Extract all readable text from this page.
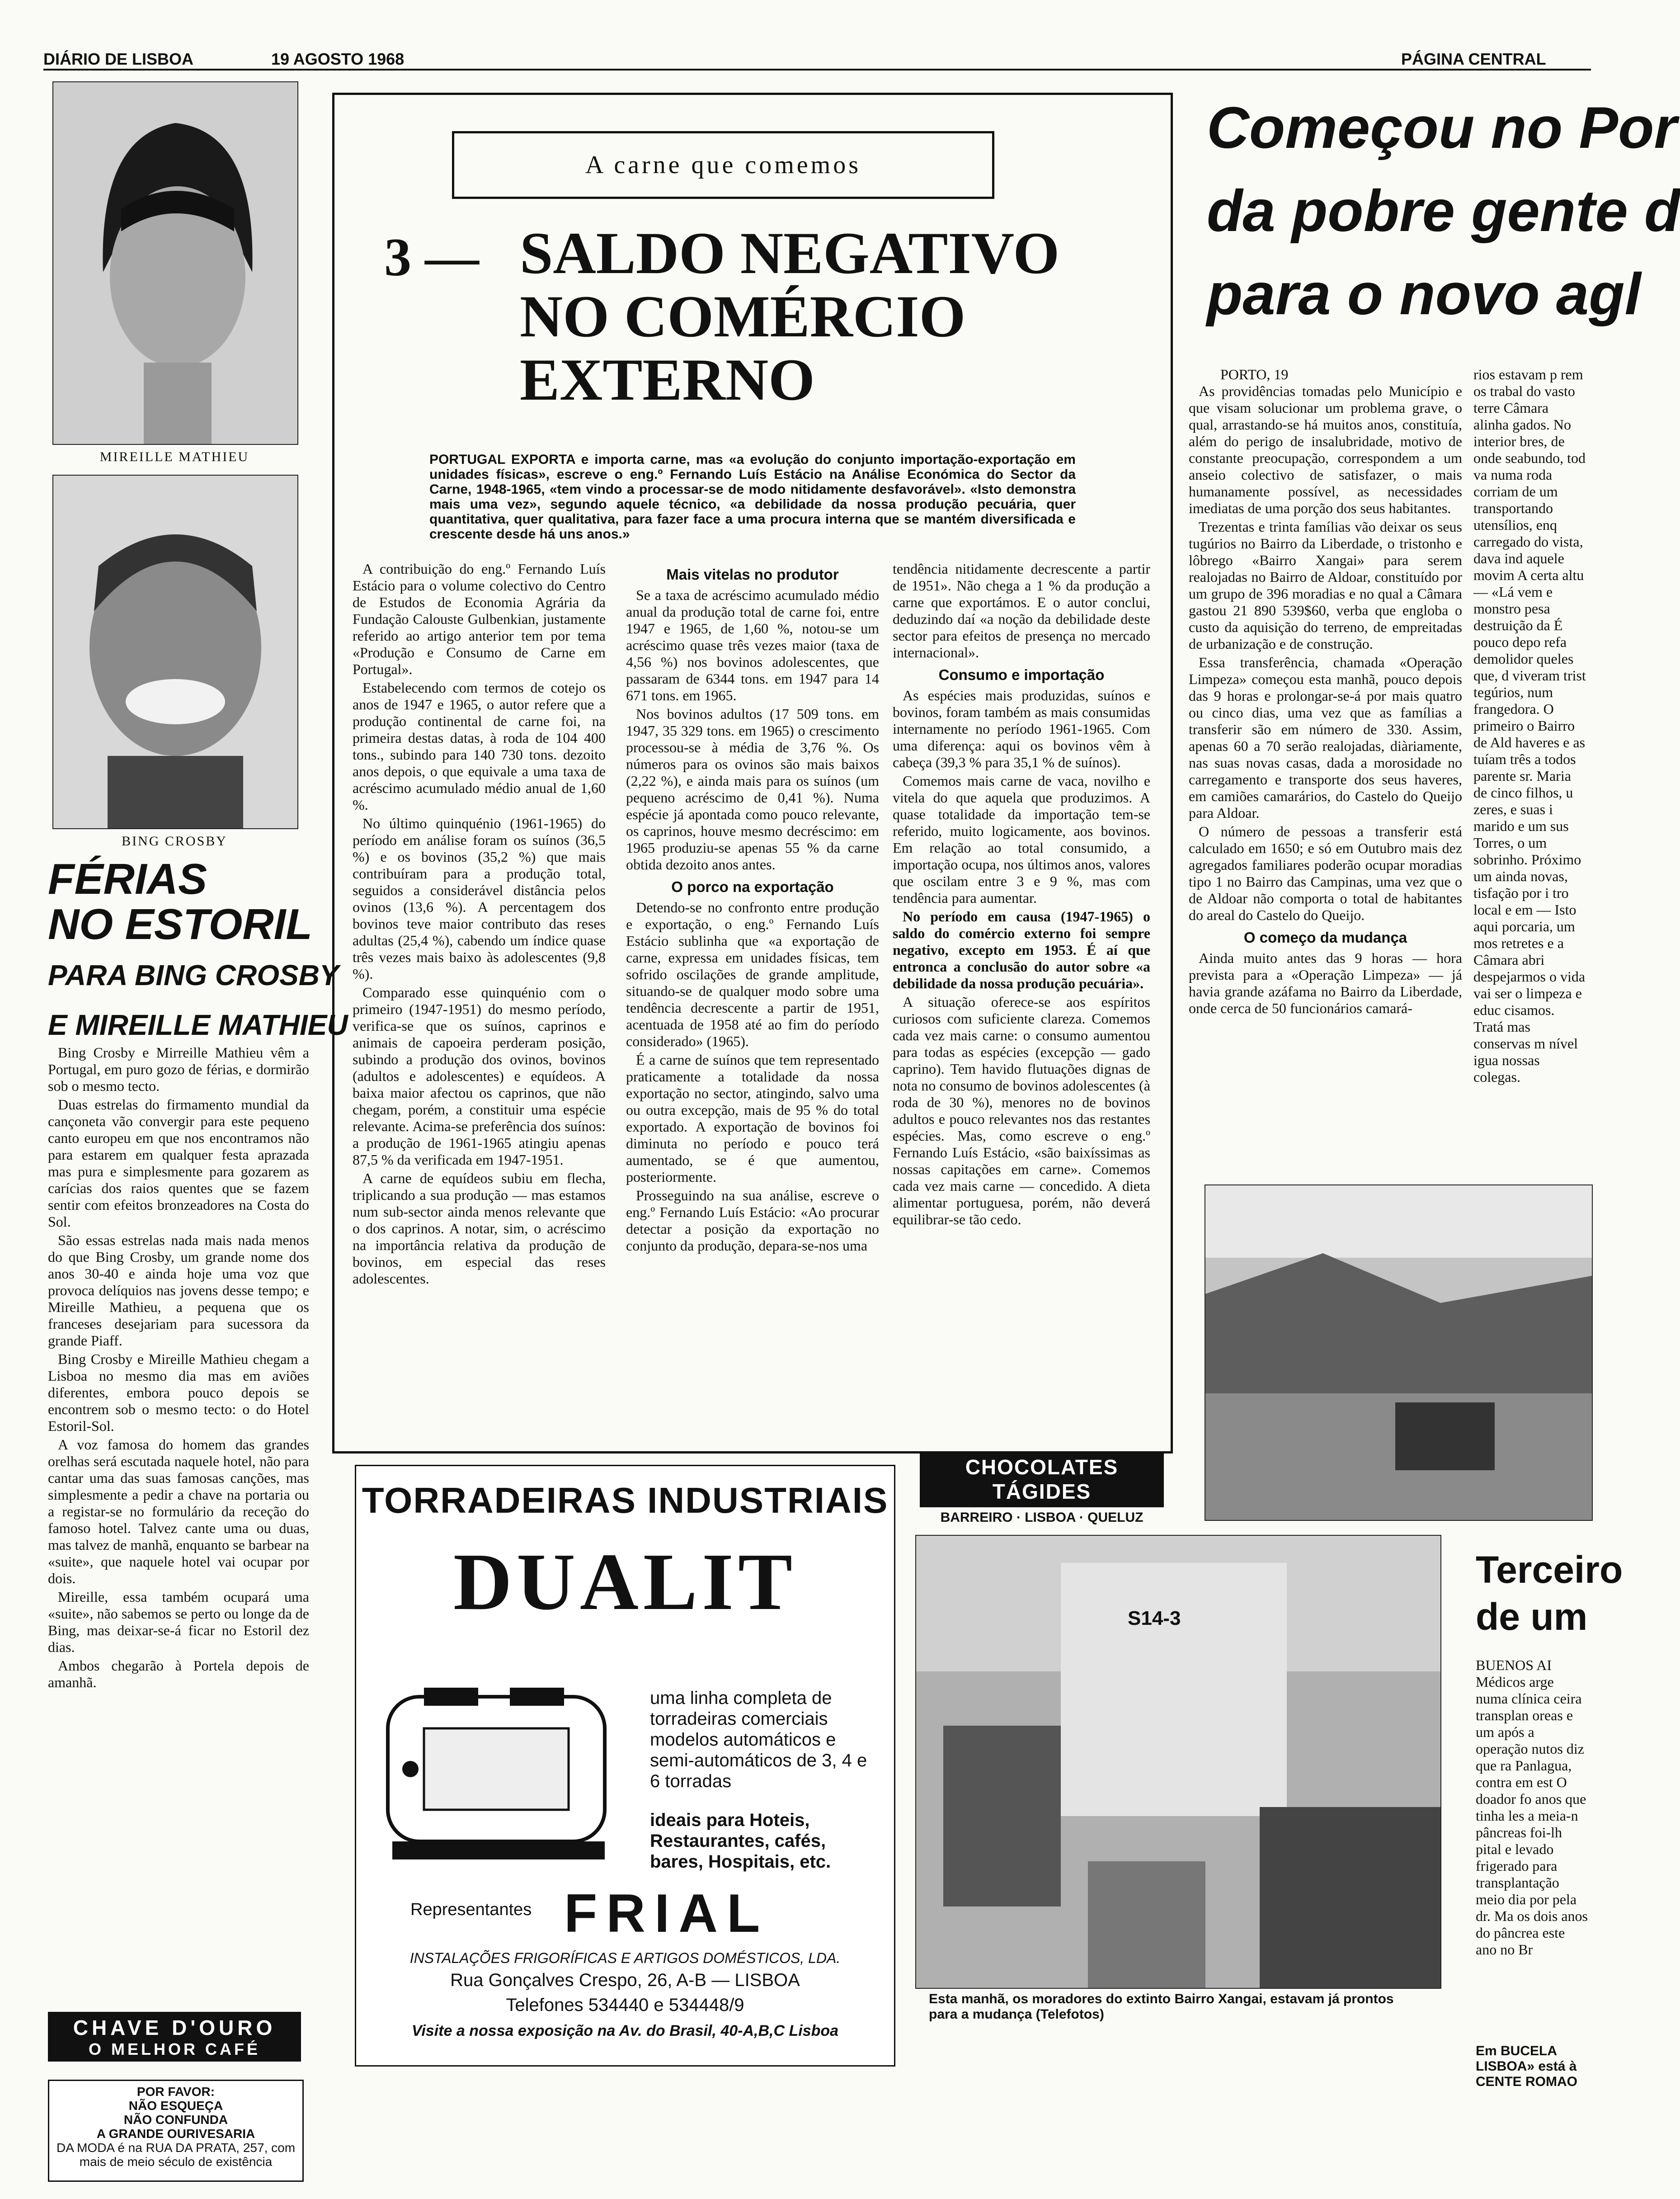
DIÁRIO DE LISBOA	19 AGOSTO 1968	PÁGINA CENTRAL
MIREILLE MATHIEU
BING CROSBY
FÉRIAS
NO ESTORIL
PARA BING CROSBY
E MIREILLE MATHIEU

Bing Crosby e Mirreille Mathieu vêm a Portugal, em puro gozo de férias, e dormirão sob o mesmo tecto.

Duas estrelas do firmamento mundial da cançoneta vão convergir para este pequeno canto europeu em que nos encontramos não para estarem em qualquer festa aprazada mas pura e simplesmente para gozarem as carícias dos raios quentes que se fazem sentir com efeitos bronzeadores na Costa do Sol.

São essas estrelas nada mais nada menos do que Bing Crosby, um grande nome dos anos 30-40 e ainda hoje uma voz que provoca delíquios nas jovens desse tempo; e Mireille Mathieu, a pequena que os franceses desejariam para sucessora da grande Piaff.

Bing Crosby e Mireille Mathieu chegam a Lisboa no mesmo dia mas em aviões diferentes, embora pouco depois se encontrem sob o mesmo tecto: o do Hotel Estoril-Sol.

A voz famosa do homem das grandes orelhas será escutada naquele hotel, não para cantar uma das suas famosas canções, mas simplesmente a pedir a chave na portaria ou a registar-se no formulário da receção do famoso hotel. Talvez cante uma ou duas, mas talvez de manhã, enquanto se barbear na «suite», que naquele hotel vai ocupar por dois.

Mireille, essa também ocupará uma «suite», não sabemos se perto ou longe da de Bing, mas deixar-se-á ficar no Estoril dez dias.

Ambos chegarão à Portela depois de amanhã.

CHAVE D'OURO
O MELHOR CAFÉ
POR FAVOR:
NÃO ESQUEÇA
NÃO CONFUNDA
A GRANDE OURIVESARIA
DA MODA é na RUA DA PRATA, 257, com mais de meio século de existência
A carne que comemos
3 — SALDO NEGATIVO
NO COMÉRCIO
EXTERNO
PORTUGAL EXPORTA e importa carne, mas «a evolução do conjunto importação-exportação em unidades físicas», escreve o eng.º Fernando Luís Estácio na Análise Económica do Sector da Carne, 1948-1965, «tem vindo a processar-se de modo nitidamente desfavorável». «Isto demonstra mais uma vez», segundo aquele técnico, «a debilidade da nossa produção pecuária, quer quantitativa, quer qualitativa, para fazer face a uma procura interna que se mantém diversificada e crescente desde há uns anos.»

A contribuição do eng.º Fernando Luís Estácio para o volume colectivo do Centro de Estudos de Economia Agrária da Fundação Calouste Gulbenkian, justamente referido ao artigo anterior tem por tema «Produção e Consumo de Carne em Portugal».

Estabelecendo com termos de cotejo os anos de 1947 e 1965, o autor refere que a produção continental de carne foi, na primeira destas datas, à roda de 104 400 tons., subindo para 140 730 tons. dezoito anos depois, o que equivale a uma taxa de acréscimo acumulado médio anual de 1,60 %.

No último quinquénio (1961-1965) do período em análise foram os suínos (36,5 %) e os bovinos (35,2 %) que mais contribuíram para a produção total, seguidos a considerável distância pelos ovinos (13,6 %). A percentagem dos bovinos teve maior contributo das reses adultas (25,4 %), cabendo um índice quase três vezes mais baixo às adolescentes (9,8 %).

Comparado esse quinquénio com o primeiro (1947-1951) do mesmo período, verifica-se que os suínos, caprinos e animais de capoeira perderam posição, subindo a produção dos ovinos, bovinos (adultos e adolescentes) e equídeos. A baixa maior afectou os caprinos, que não chegam, porém, a constituir uma espécie relevante. Acima-se preferência dos suínos: a produção de 1961-1965 atingiu apenas 87,5 % da verificada em 1947-1951.

A carne de equídeos subiu em flecha, triplicando a sua produção — mas estamos num sub-sector ainda menos relevante que o dos caprinos. A notar, sim, o acréscimo na importância relativa da produção de bovinos, em especial das reses adolescentes.

Mais vitelas no produtor

Se a taxa de acréscimo acumulado médio anual da produção total de carne foi, entre 1947 e 1965, de 1,60 %, notou-se um acréscimo quase três vezes maior (taxa de 4,56 %) nos bovinos adolescentes, que passaram de 6344 tons. em 1947 para 14 671 tons. em 1965.

Nos bovinos adultos (17 509 tons. em 1947, 35 329 tons. em 1965) o crescimento processou-se à média de 3,76 %. Os números para os ovinos são mais baixos (2,22 %), e ainda mais para os suínos (um pequeno acréscimo de 0,41 %). Numa espécie já apontada como pouco relevante, os caprinos, houve mesmo decréscimo: em 1965 produziu-se apenas 55 % da carne obtida dezoito anos antes.

O porco na exportação

Detendo-se no confronto entre produção e exportação, o eng.º Fernando Luís Estácio sublinha que «a exportação de carne, expressa em unidades físicas, tem sofrido oscilações de grande amplitude, situando-se de qualquer modo sobre uma tendência decrescente a partir de 1951, acentuada de 1958 até ao fim do período considerado» (1965).

É a carne de suínos que tem representado praticamente a totalidade da nossa exportação no sector, atingindo, salvo uma ou outra excepção, mais de 95 % do total exportado. A exportação de bovinos foi diminuta no período e pouco terá aumentado, se é que aumentou, posteriormente.

Prosseguindo na sua análise, escreve o eng.º Fernando Luís Estácio: «Ao procurar detectar a posição da exportação no conjunto da produção, depara-se-nos uma

tendência nitidamente decrescente a partir de 1951». Não chega a 1 % da produção a carne que exportámos. E o autor conclui, deduzindo daí «a noção da debilidade deste sector para efeitos de presença no mercado internacional».

Consumo e importação

As espécies mais produzidas, suínos e bovinos, foram também as mais consumidas internamente no período 1961-1965. Com uma diferença: aqui os bovinos vêm à cabeça (39,3 % para 35,1 % de suínos).

Comemos mais carne de vaca, novilho e vitela do que aquela que produzimos. A quase totalidade da importação tem-se referido, muito logicamente, aos bovinos. Em relação ao total consumido, a importação ocupa, nos últimos anos, valores que oscilam entre 3 e 9 %, mas com tendência para aumentar.

No período em causa (1947-1965) o saldo do comércio externo foi sempre negativo, excepto em 1953. É aí que entronca a conclusão do autor sobre «a debilidade da nossa produção pecuária».

A situação oferece-se aos espíritos curiosos com suficiente clareza. Comemos cada vez mais carne: o consumo aumentou para todas as espécies (excepção — gado caprino). Tem havido flutuações dignas de nota no consumo de bovinos adolescentes (à roda de 30 %), menores no de bovinos adultos e pouco relevantes nos das restantes espécies. Mas, como escreve o eng.º Fernando Luís Estácio, «são baixíssimas as nossas capitações em carne». Comemos cada vez mais carne — concedido. A dieta alimentar portuguesa, porém, não deverá equilibrar-se tão cedo.

TORRADEIRAS INDUSTRIAIS
DUALIT
uma linha completa de torradeiras comerciais modelos automáticos e semi-automáticos de 3, 4 e 6 torradas
ideais para Hoteis, Restaurantes, cafés, bares, Hospitais, etc.
Representantes FRIAL
INSTALAÇÕES FRIGORÍFICAS E ARTIGOS DOMÉSTICOS, LDA.
Rua Gonçalves Crespo, 26, A-B — LISBOA
Telefones 534440 e 534448/9
Visite a nossa exposição na Av. do Brasil, 40-A,B,C Lisboa
CHOCOLATES TÁGIDES
BARREIRO · LISBOA · QUELUZ
S14-3
Esta manhã, os moradores do extinto Bairro Xangai, estavam já prontos para a mudança (Telefotos)
Começou no Por
da pobre gente d
para o novo agl
PORTO, 19

As providências tomadas pelo Município e que visam solucionar um problema grave, o qual, arrastando-se há muitos anos, constituía, além do perigo de insalubridade, motivo de constante preocupação, correspondem a um anseio colectivo de satisfazer, o mais humanamente possível, as necessidades imediatas de uma porção dos seus habitantes.

Trezentas e trinta famílias vão deixar os seus tugúrios no Bairro da Liberdade, o tristonho e lôbrego «Bairro Xangai» para serem realojadas no Bairro de Aldoar, constituído por um grupo de 396 moradias e no qual a Câmara gastou 21 890 539$60, verba que engloba o custo da aquisição do terreno, de empreitadas de urbanização e de construção.

Essa transferência, chamada «Operação Limpeza» começou esta manhã, pouco depois das 9 horas e prolongar-se-á por mais quatro ou cinco dias, uma vez que as famílias a transferir são em número de 330. Assim, apenas 60 a 70 serão realojadas, diàriamente, nas suas novas casas, dada a morosidade no carregamento e transporte dos seus haveres, em camiões camarários, do Castelo do Queijo para Aldoar.

O número de pessoas a transferir está calculado em 1650; e só em Outubro mais dez agregados familiares poderão ocupar moradias tipo 1 no Bairro das Campinas, uma vez que o de Aldoar não comporta o total de habitantes do areal do Castelo do Queijo.

O começo da mudança

Ainda muito antes das 9 horas — hora prevista para a «Operação Limpeza» — já havia grande azáfama no Bairro da Liberdade, onde cerca de 50 funcionários camará-

rios estavam p rem os trabal do vasto terre Câmara alinha gados. No interior bres, de onde seabundo, tod va numa roda corriam de um transportando utensílios, enq carregado do vista, dava ind aquele movim A certa altu — «Lá vem e monstro pesa destruição da É pouco depo refa demolidor queles que, d viveram trist tegúrios, num frangedora. O primeiro o Bairro de Ald haveres e as tuíam três a todos parente sr. Maria de cinco filhos, u zeres, e suas i marido e um sus Torres, o um sobrinho. Próximo um ainda novas, tisfação por i tro local e em — Isto aqui porcaria, um mos retretes e a Câmara abri despejarmos o vida vai ser o limpeza e educ cisamos. Tratá mas conservas m nível igua nossas colegas.
Terceiro
de um
BUENOS AI Médicos arge numa clínica ceira transplan oreas e um após a operação nutos diz que ra Panlagua, contra em est O doador fo anos que tinha les a meia-n pâncreas foi-lh pital e levado frigerado para transplantação meio dia por pela dr. Ma os dois anos do pâncrea este ano no Br
Em BUCELA
LISBOA» está à
CENTE ROMAO
